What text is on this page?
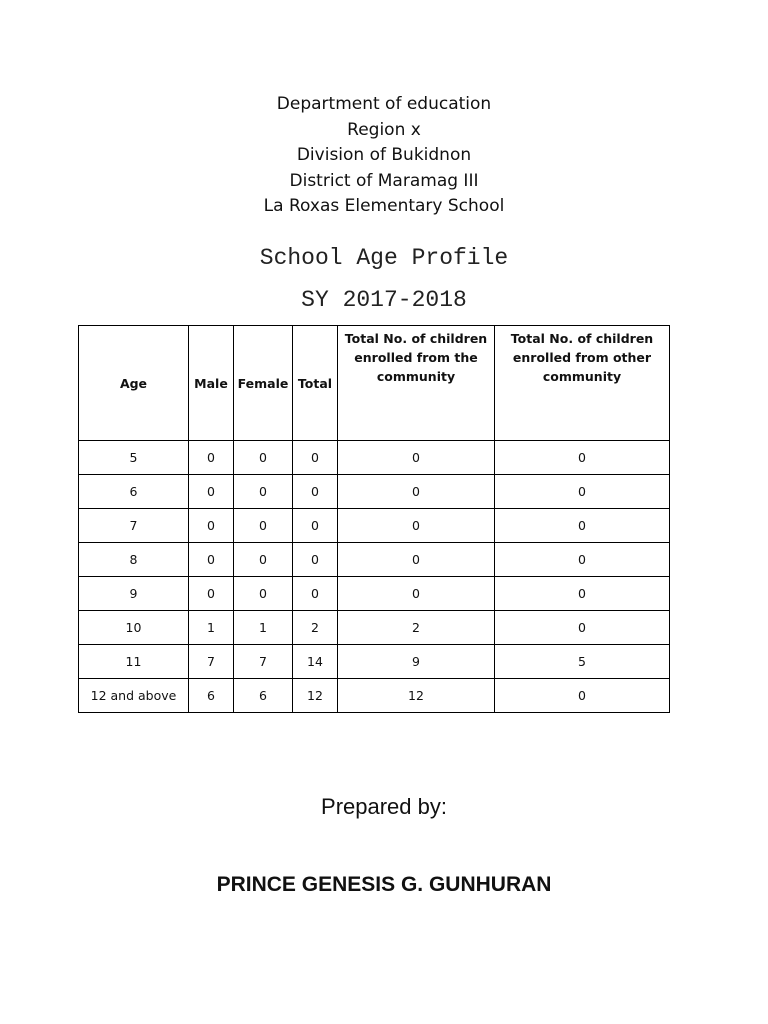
Department of education
Region x
Division of Bukidnon
District of Maramag III
La Roxas Elementary School
School Age Profile
SY 2017-2018
Age	Male	Female	Total	Total No. of children enrolled from the community	Total No. of children enrolled from other community
5	0	0	0	0	0
6	0	0	0	0	0
7	0	0	0	0	0
8	0	0	0	0	0
9	0	0	0	0	0
10	1	1	2	2	0
11	7	7	14	9	5
12 and above	6	6	12	12	0
Prepared by:
PRINCE GENESIS G. GUNHURAN
